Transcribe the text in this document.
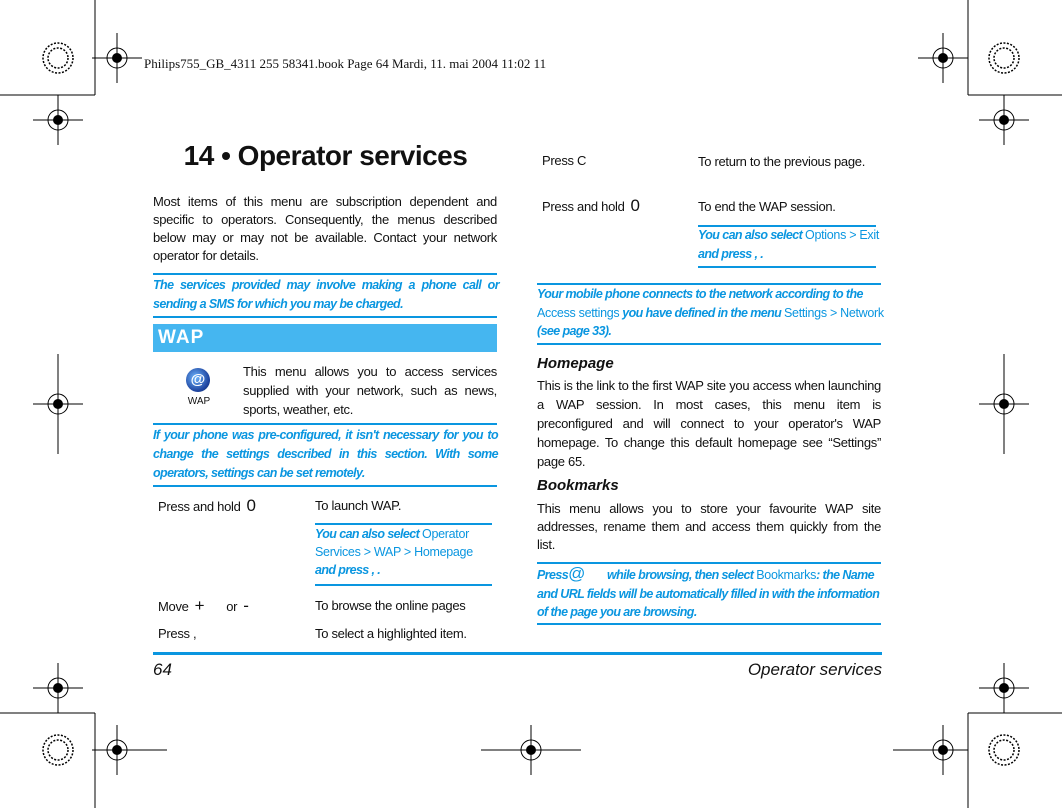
Philips755_GB_4311 255 58341.book Page 64 Mardi, 11. mai 2004 11:02 11
14 • Operator services
Most items of this menu are subscription dependent and specific to operators. Consequently, the menus described below may or may not be available. Contact your network operator for details.
The services provided may involve making a phone call or sending a SMS for which you may be charged.
WAP
@
WAP
This menu allows you to access services supplied with your network, such as news, sports, weather, etc.
If your phone was pre-configured, it isn't necessary for you to change the settings described in this section. With some operators, settings can be set remotely.
Press and hold 0	To launch WAP.
You can also select Operator Services > WAP > Homepage and press , .
Move + or -	To browse the online pages
Press ,	To select a highlighted item.
Press C	To return to the previous page.
Press and hold 0	To end the WAP session.
You can also select Options > Exit and press , .
Your mobile phone connects to the network according to the Access settings you have defined in the menu Settings > Network (see page 33).
Homepage
This is the link to the first WAP site you access when launching a WAP session. In most cases, this menu item is preconfigured and will connect to your operator's WAP homepage. To change this default homepage see “Settings” page 65.
Bookmarks
This menu allows you to store your favourite WAP site addresses, rename them and access them quickly from the list.
Press@ while browsing, then select Bookmarks: the Name and URL fields will be automatically filled in with the information of the page you are browsing.
64	Operator services
